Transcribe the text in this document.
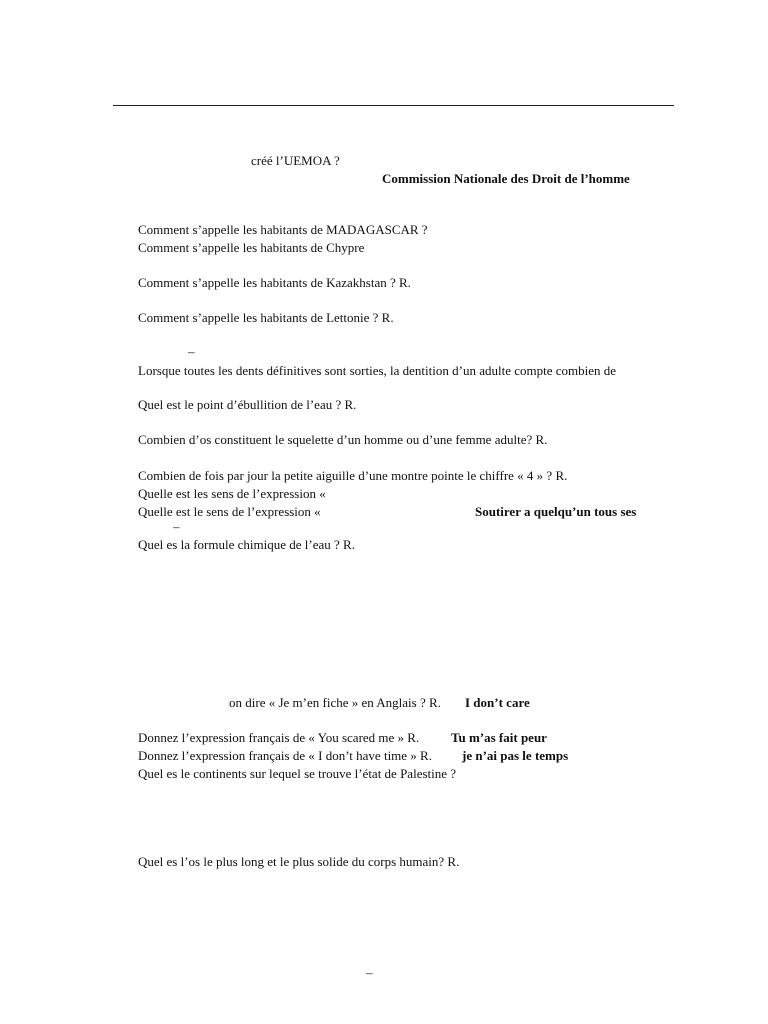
créé l’UEMOA ?
Commission Nationale des Droit de l’homme
Comment s’appelle les habitants de MADAGASCAR ?
Comment s’appelle les habitants de Chypre
Comment s’appelle les habitants de Kazakhstan ? R.
Comment s’appelle les habitants de Lettonie ? R.
–
Lorsque toutes les dents définitives sont sorties, la dentition d’un adulte compte combien de
Quel est le point d’ébullition de l’eau ? R.
Combien d’os constituent le squelette d’un homme ou d’une femme adulte? R.
Combien de fois par jour la petite aiguille d’une montre pointe le chiffre « 4 » ? R.
Quelle est les sens de l’expression «
Quelle est le sens de l’expression «	Soutirer a quelqu’un tous ses
–
Quel es la formule chimique de l’eau ? R.
on dire « Je m’en fiche » en Anglais ? R. I don’t care
Donnez l’expression français de « You scared me » R. Tu m’as fait peur
Donnez l’expression français de « I don’t have time » R. je n’ai pas le temps
Quel es le continents sur lequel se trouve l’état de Palestine ?
Quel es l’os le plus long et le plus solide du corps humain? R.
–
